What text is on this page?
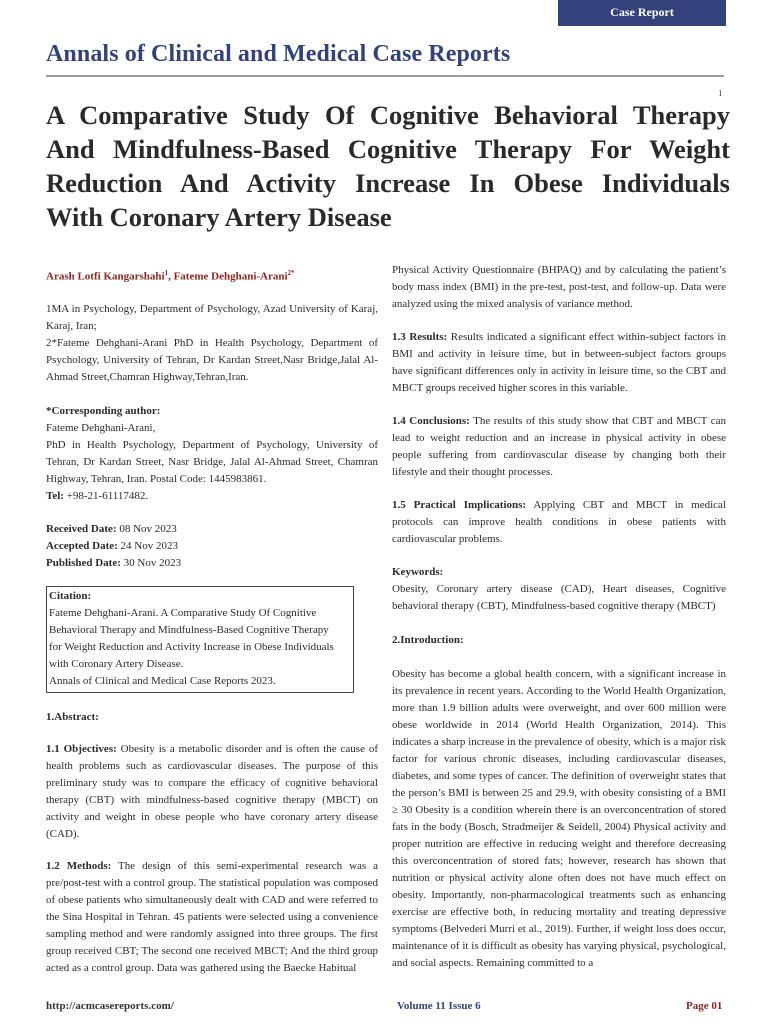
Case Report
Annals of Clinical and Medical Case Reports
I
A Comparative Study Of Cognitive Behavioral Therapy
And Mindfulness-Based Cognitive Therapy For Weight
Reduction And Activity Increase In Obese Individuals
With Coronary Artery Disease

Arash Lotfi Kangarshahi$^1$, Fateme Dehghani-Arani$^{2*}$

1MA in Psychology, Department of Psychology, Azad University of Karaj, Karaj, Iran;

2*Fateme Dehghani-Arani PhD in Health Psychology, Department of Psychology, University of Tehran, Dr Kardan Street,Nasr Bridge,Jalal Al-Ahmad Street,Chamran Highway,Tehran,Iran.

*Corresponding author:

Fateme Dehghani-Arani,

PhD in Health Psychology, Department of Psychology, University of Tehran, Dr Kardan Street, Nasr Bridge, Jalal Al-Ahmad Street, Chamran Highway, Tehran, Iran. Postal Code: 1445983861.

Tel: +98-21-61117482.

Received Date: 08 Nov 2023

Accepted Date: 24 Nov 2023

Published Date: 30 Nov 2023

Citation:

Fateme Dehghani-Arani. A Comparative Study Of Cognitive

Behavioral Therapy and Mindfulness-Based Cognitive Therapy

for Weight Reduction and Activity Increase in Obese Individuals

with Coronary Artery Disease.

Annals of Clinical and Medical Case Reports 2023.

1.Abstract:

1.1 Objectives: Obesity is a metabolic disorder and is often the cause of health problems such as cardiovascular diseases. The purpose of this preliminary study was to compare the efficacy of cognitive behavioral therapy (CBT) with mindfulness-based cognitive therapy (MBCT) on activity and weight in obese people who have coronary artery disease (CAD).

1.2 Methods: The design of this semi-experimental research was a pre/post-test with a control group. The statistical population was composed of obese patients who simultaneously dealt with CAD and were referred to the Sina Hospital in Tehran. 45 patients were selected using a convenience sampling method and were randomly assigned into three groups. The first group received CBT; The second one received MBCT; And the third group acted as a control group. Data was gathered using the Baecke Habitual

Physical Activity Questionnaire (BHPAQ) and by calculating the patient’s body mass index (BMI) in the pre-test, post-test, and follow-up. Data were analyzed using the mixed analysis of variance method.

1.3 Results: Results indicated a significant effect within-subject factors in BMI and activity in leisure time, but in between-subject factors groups have significant differences only in activity in leisure time, so the CBT and MBCT groups received higher scores in this variable.

1.4 Conclusions: The results of this study show that CBT and MBCT can lead to weight reduction and an increase in physical activity in obese people suffering from cardiovascular disease by changing both their lifestyle and their thought processes.

1.5 Practical Implications: Applying CBT and MBCT in medical protocols can improve health conditions in obese patients with cardiovascular problems.

Keywords:

Obesity, Coronary artery disease (CAD), Heart diseases, Cognitive behavioral therapy (CBT), Mindfulness-based cognitive therapy (MBCT)

2.Introduction:

Obesity has become a global health concern, with a significant increase in its prevalence in recent years. According to the World Health Organization, more than 1.9 billion adults were overweight, and over 600 million were obese worldwide in 2014 (World Health Organization, 2014). This indicates a sharp increase in the prevalence of obesity, which is a major risk factor for various chronic diseases, including cardiovascular diseases, diabetes, and some types of cancer. The definition of overweight states that the person’s BMI is between 25 and 29.9, with obesity consisting of a BMI ≥ 30 Obesity is a condition wherein there is an overconcentration of stored fats in the body (Bosch, Stradmeijer & Seidell, 2004) Physical activity and proper nutrition are effective in reducing weight and therefore decreasing this overconcentration of stored fats; however, research has shown that nutrition or physical activity alone often does not have much effect on obesity. Importantly, non-pharmacological treatments such as enhancing exercise are effective both, in reducing mortality and treating depressive symptoms (Belvederi Murri et al., 2019). Further, if weight loss does occur, maintenance of it is difficult as obesity has varying physical, psychological, and social aspects. Remaining committed to a

http://acmcasereports.com/	Volume 11 Issue 6	Page 01
